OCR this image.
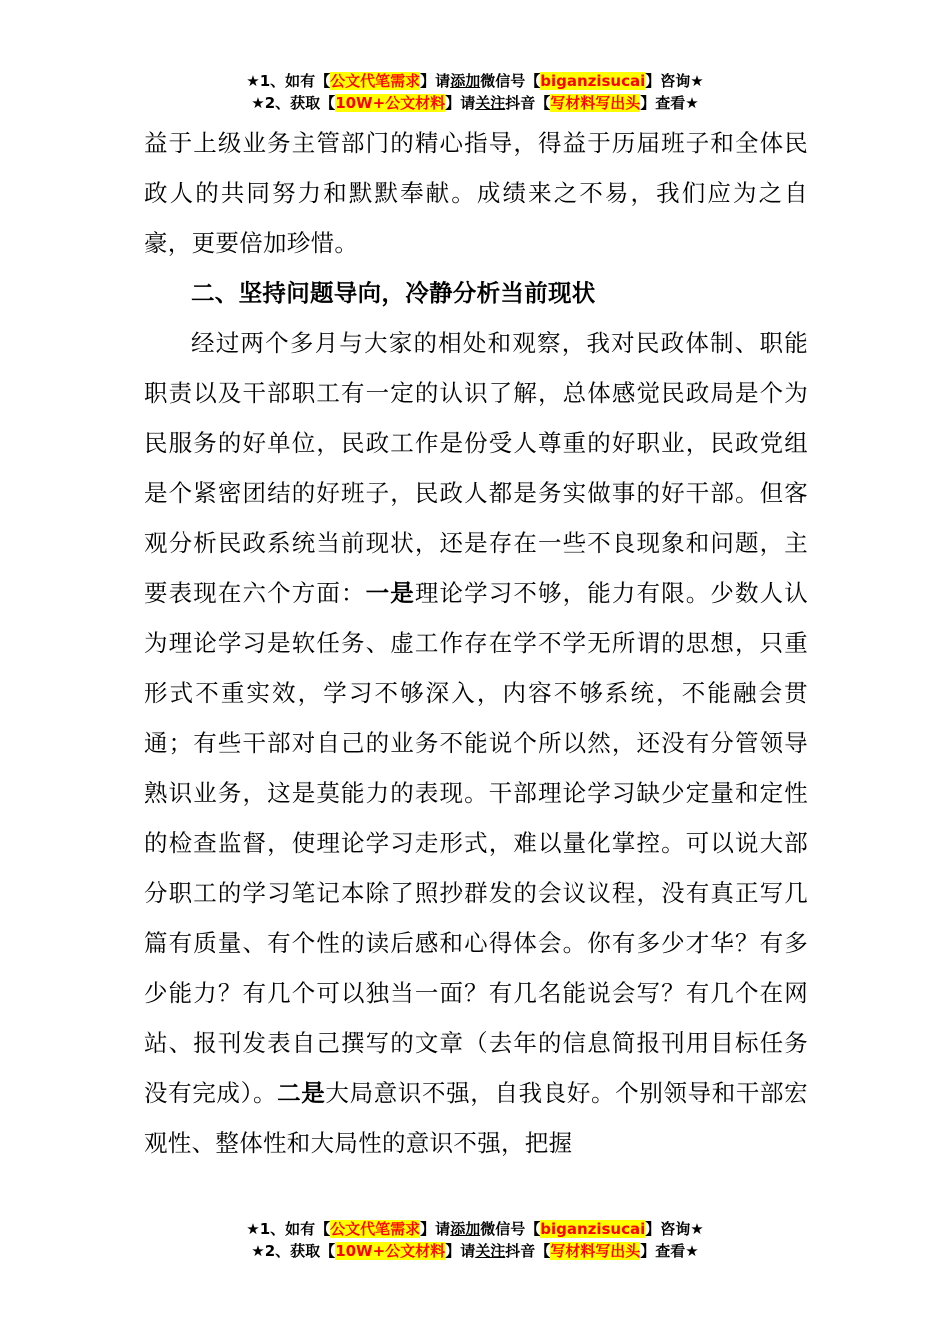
★1、如有【公文代笔需求】请添加微信号【biganzisucai】咨询★
★2、获取【10W+公文材料】请关注抖音【写材料写出头】查看★

益于上级业务主管部门的精心指导，得益于历届班子和全体民政人的共同努力和默默奉献。成绩来之不易，我们应为之自豪，更要倍加珍惜。

二、坚持问题导向，冷静分析当前现状

经过两个多月与大家的相处和观察，我对民政体制、职能职责以及干部职工有一定的认识了解，总体感觉民政局是个为民服务的好单位，民政工作是份受人尊重的好职业，民政党组是个紧密团结的好班子，民政人都是务实做事的好干部。但客观分析民政系统当前现状，还是存在一些不良现象和问题，主要表现在六个方面：一是理论学习不够，能力有限。少数人认为理论学习是软任务、虚工作存在学不学无所谓的思想，只重形式不重实效，学习不够深入，内容不够系统，不能融会贯通；有些干部对自己的业务不能说个所以然，还没有分管领导熟识业务，这是莫能力的表现。干部理论学习缺少定量和定性的检查监督，使理论学习走形式，难以量化掌控。可以说大部分职工的学习笔记本除了照抄群发的会议议程，没有真正写几篇有质量、有个性的读后感和心得体会。你有多少才华？有多少能力？有几个可以独当一面？有几名能说会写？有几个在网站、报刊发表自己撰写的文章（去年的信息简报刊用目标任务没有完成）。二是大局意识不强，自我良好。个别领导和干部宏观性、整体性和大局性的意识不强，把握

★1、如有【公文代笔需求】请添加微信号【biganzisucai】咨询★
★2、获取【10W+公文材料】请关注抖音【写材料写出头】查看★
